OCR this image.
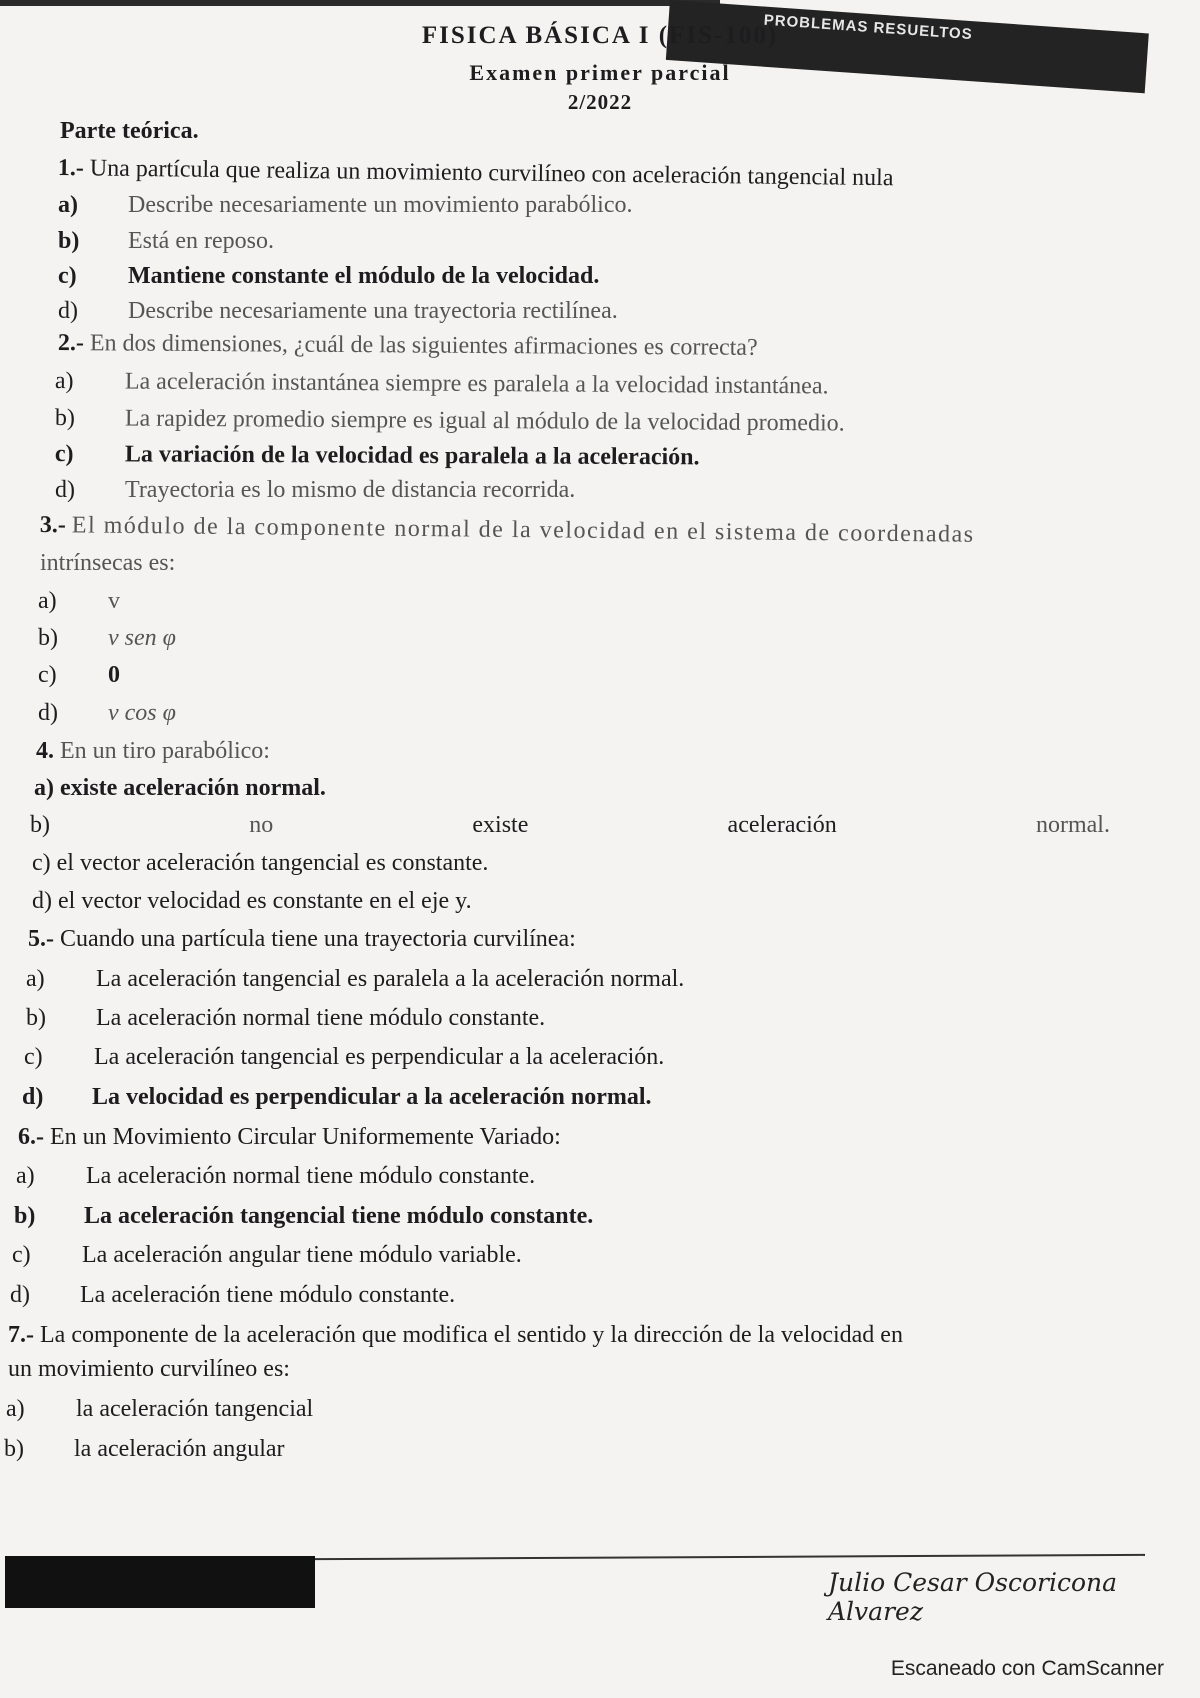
PROBLEMAS RESUELTOS
FISICA BÁSICA I (FIS-100)
Examen primer parcial
2/2022
Parte teórica.
1.- Una partícula que realiza un movimiento curvilíneo con aceleración tangencial nula
a) Describe necesariamente un movimiento parabólico.
b) Está en reposo.
c) Mantiene constante el módulo de la velocidad.
d) Describe necesariamente una trayectoria rectilínea.
2.- En dos dimensiones, ¿cuál de las siguientes afirmaciones es correcta?
a) La aceleración instantánea siempre es paralela a la velocidad instantánea.
b) La rapidez promedio siempre es igual al módulo de la velocidad promedio.
c) La variación de la velocidad es paralela a la aceleración.
d) Trayectoria es lo mismo de distancia recorrida.
3.- El módulo de la componente normal de la velocidad en el sistema de coordenadas
intrínsecas es:
a) v
b) v sen φ
c) 0
d) v cos φ
4. En un tiro parabólico:
a) existe aceleración normal.
b)	no	existe	aceleración	normal.
c) el vector aceleración tangencial es constante.
d) el vector velocidad es constante en el eje y.
5.- Cuando una partícula tiene una trayectoria curvilínea:
a) La aceleración tangencial es paralela a la aceleración normal.
b) La aceleración normal tiene módulo constante.
c) La aceleración tangencial es perpendicular a la aceleración.
d) La velocidad es perpendicular a la aceleración normal.
6.- En un Movimiento Circular Uniformemente Variado:
a) La aceleración normal tiene módulo constante.
b) La aceleración tangencial tiene módulo constante.
c) La aceleración angular tiene módulo variable.
d) La aceleración tiene módulo constante.
7.- La componente de la aceleración que modifica el sentido y la dirección de la velocidad en
un movimiento curvilíneo es:
a) la aceleración tangencial
b) la aceleración angular
Julio Cesar Oscoricona Alvarez
Escaneado con CamScanner
